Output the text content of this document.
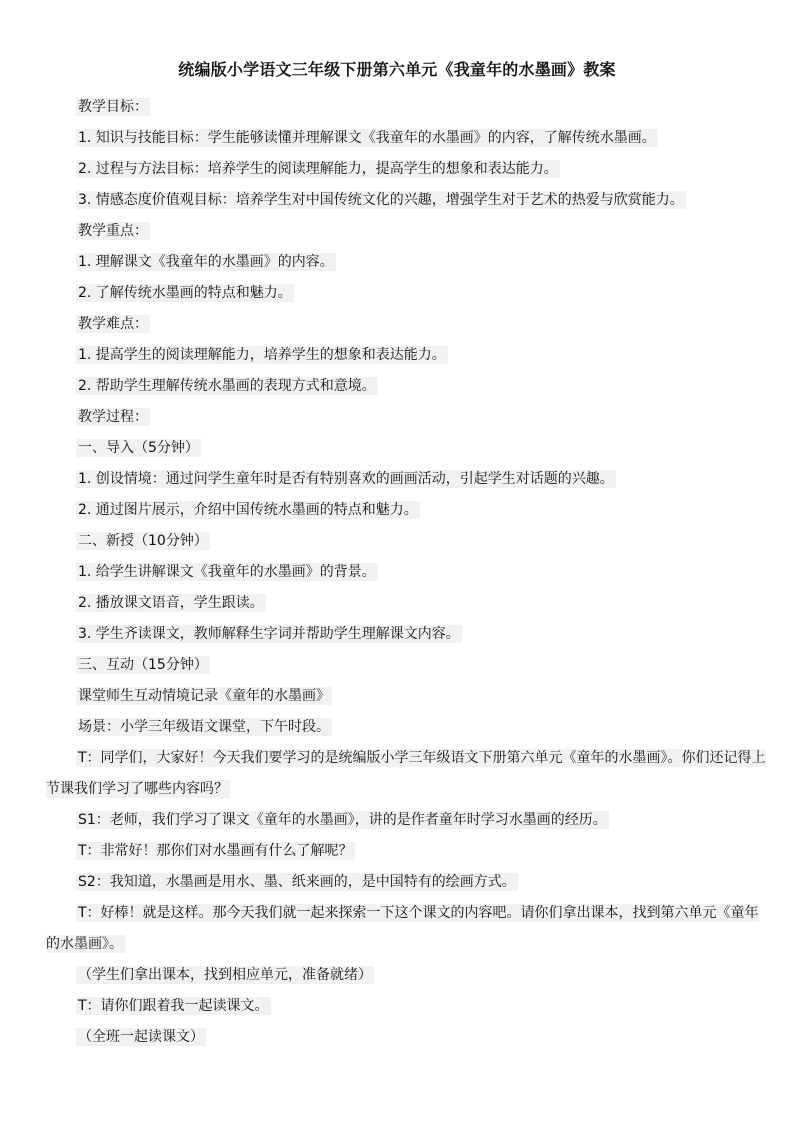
统编版小学语文三年级下册第六单元《我童年的水墨画》教案
教学目标：
1. 知识与技能目标：学生能够读懂并理解课文《我童年的水墨画》的内容，了解传统水墨画。
2. 过程与方法目标：培养学生的阅读理解能力，提高学生的想象和表达能力。
3. 情感态度价值观目标：培养学生对中国传统文化的兴趣，增强学生对于艺术的热爱与欣赏能力。
教学重点：
1. 理解课文《我童年的水墨画》的内容。
2. 了解传统水墨画的特点和魅力。
教学难点：
1. 提高学生的阅读理解能力，培养学生的想象和表达能力。
2. 帮助学生理解传统水墨画的表现方式和意境。
教学过程：
一、导入（5分钟）
1. 创设情境：通过问学生童年时是否有特别喜欢的画画活动，引起学生对话题的兴趣。
2. 通过图片展示，介绍中国传统水墨画的特点和魅力。
二、新授（10分钟）
1. 给学生讲解课文《我童年的水墨画》的背景。
2. 播放课文语音，学生跟读。
3. 学生齐读课文，教师解释生字词并帮助学生理解课文内容。
三、互动（15分钟）
课堂师生互动情境记录《童年的水墨画》
场景：小学三年级语文课堂，下午时段。
T：同学们，大家好！今天我们要学习的是统编版小学三年级语文下册第六单元《童年的水墨画》。你们还记得上节课我们学习了哪些内容吗？
S1：老师，我们学习了课文《童年的水墨画》，讲的是作者童年时学习水墨画的经历。
T：非常好！那你们对水墨画有什么了解呢？
S2：我知道，水墨画是用水、墨、纸来画的，是中国特有的绘画方式。
T：好棒！就是这样。那今天我们就一起来探索一下这个课文的内容吧。请你们拿出课本，找到第六单元《童年的水墨画》。
（学生们拿出课本，找到相应单元，准备就绪）
T：请你们跟着我一起读课文。
（全班一起读课文）
